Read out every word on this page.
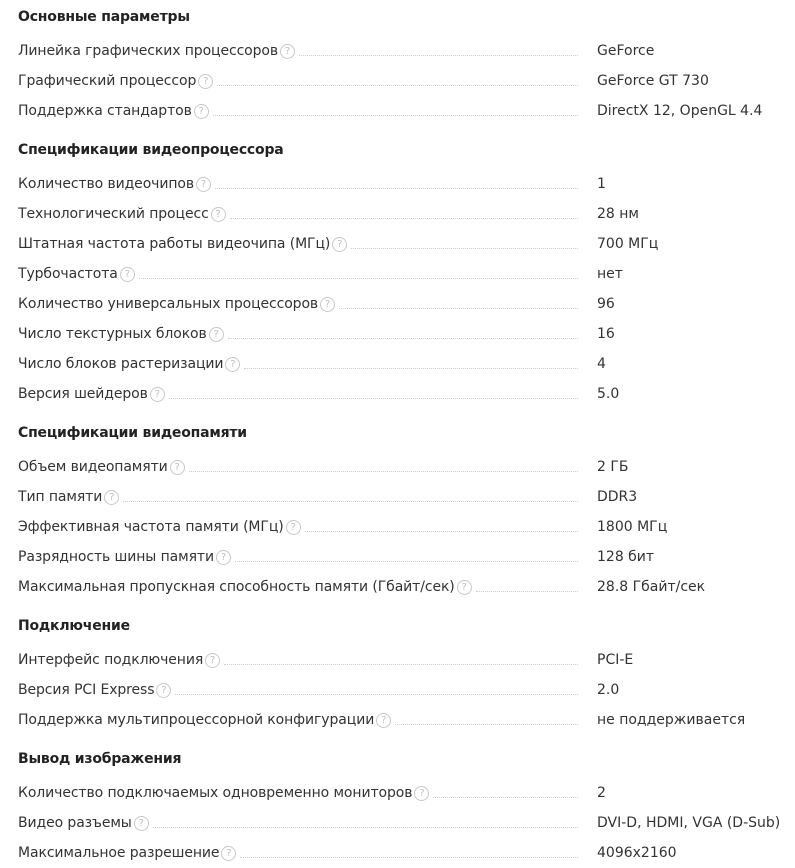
Основные параметры
Линейка графических процессоров ?	GeForce
Графический процессор ?	GeForce GT 730
Поддержка стандартов ?	DirectX 12, OpenGL 4.4
Спецификации видеопроцессора
Количество видеочипов ?	1
Технологический процесс ?	28 нм
Штатная частота работы видеочипа (МГц) ?	700 МГц
Турбочастота ?	нет
Количество универсальных процессоров ?	96
Число текстурных блоков ?	16
Число блоков растеризации ?	4
Версия шейдеров ?	5.0
Спецификации видеопамяти
Объем видеопамяти ?	2 ГБ
Тип памяти ?	DDR3
Эффективная частота памяти (МГц) ?	1800 МГц
Разрядность шины памяти ?	128 бит
Максимальная пропускная способность памяти (Гбайт/сек) ?	28.8 Гбайт/сек
Подключение
Интерфейс подключения ?	PCI-E
Версия PCI Express ?	2.0
Поддержка мультипроцессорной конфигурации ?	не поддерживается
Вывод изображения
Количество подключаемых одновременно мониторов ?	2
Видео разъемы ?	DVI-D, HDMI, VGA (D-Sub)
Максимальное разрешение ?	4096x2160
